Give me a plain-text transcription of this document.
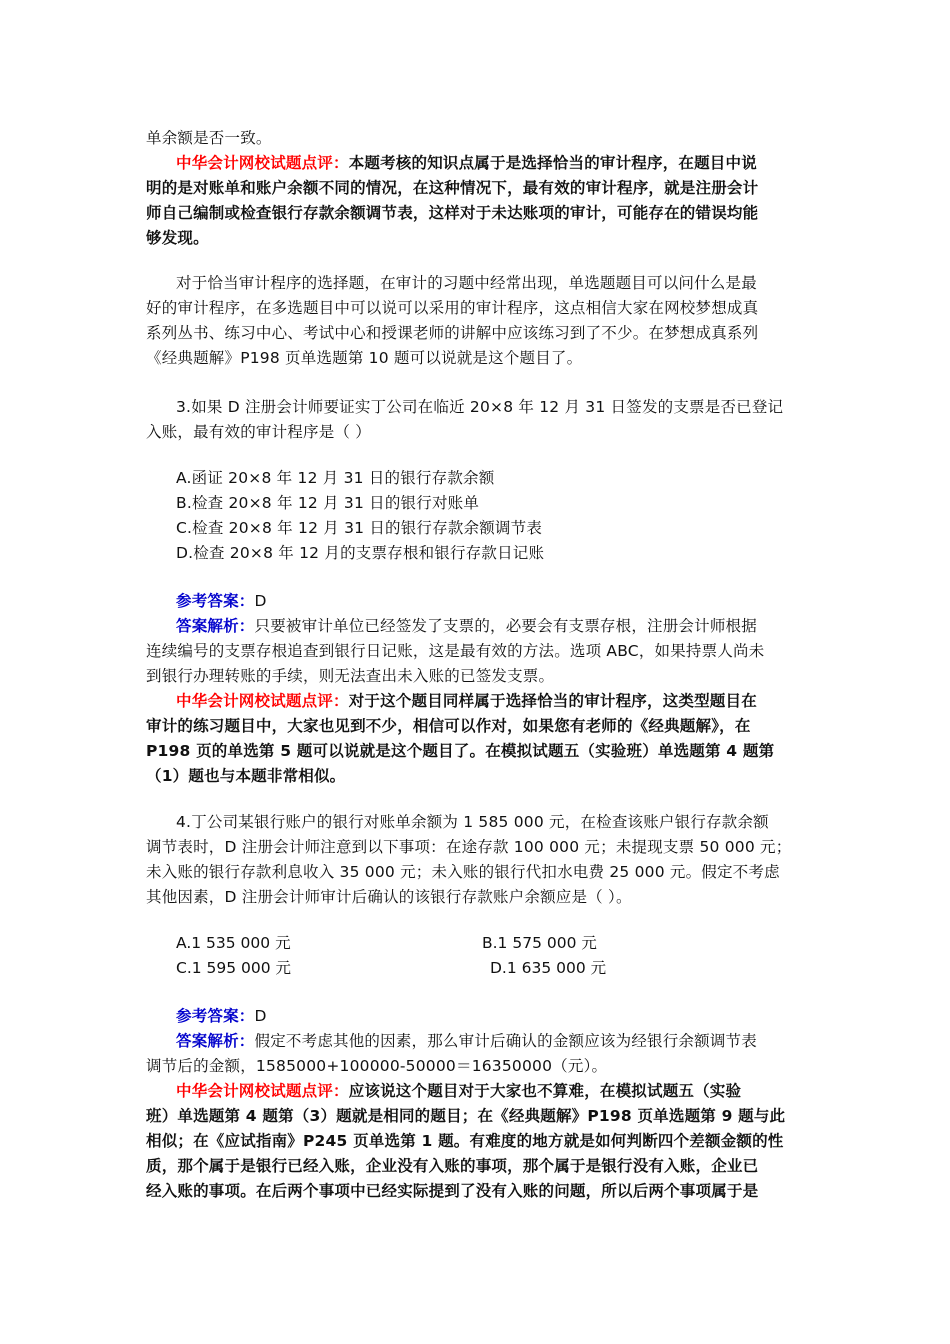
单余额是否一致。
中华会计网校试题点评：本题考核的知识点属于是选择恰当的审计程序，在题目中说
明的是对账单和账户余额不同的情况，在这种情况下，最有效的审计程序，就是注册会计
师自己编制或检查银行存款余额调节表，这样对于未达账项的审计，可能存在的错误均能
够发现。
对于恰当审计程序的选择题，在审计的习题中经常出现，单选题题目可以问什么是最
好的审计程序，在多选题目中可以说可以采用的审计程序，这点相信大家在网校梦想成真
系列丛书、练习中心、考试中心和授课老师的讲解中应该练习到了不少。在梦想成真系列
《经典题解》P198 页单选题第 10 题可以说就是这个题目了。
3.如果 D 注册会计师要证实丁公司在临近 20×8 年 12 月 31 日签发的支票是否已登记
入账，最有效的审计程序是（ ）
A.函证 20×8 年 12 月 31 日的银行存款余额
B.检查 20×8 年 12 月 31 日的银行对账单
C.检查 20×8 年 12 月 31 日的银行存款余额调节表
D.检查 20×8 年 12 月的支票存根和银行存款日记账
参考答案：D
答案解析：只要被审计单位已经签发了支票的，必要会有支票存根，注册会计师根据
连续编号的支票存根追查到银行日记账，这是最有效的方法。选项 ABC，如果持票人尚未
到银行办理转账的手续，则无法查出未入账的已签发支票。
中华会计网校试题点评：对于这个题目同样属于选择恰当的审计程序，这类型题目在
审计的练习题目中，大家也见到不少，相信可以作对，如果您有老师的《经典题解》，在
P198 页的单选第 5 题可以说就是这个题目了。在模拟试题五（实验班）单选题第 4 题第
（1）题也与本题非常相似。
4.丁公司某银行账户的银行对账单余额为 1 585 000 元，在检查该账户银行存款余额
调节表时，D 注册会计师注意到以下事项：在途存款 100 000 元；未提现支票 50 000 元；
未入账的银行存款利息收入 35 000 元；未入账的银行代扣水电费 25 000 元。假定不考虑
其他因素，D 注册会计师审计后确认的该银行存款账户余额应是（ ）。
A.1 535 000 元	B.1 575 000 元
C.1 595 000 元	D.1 635 000 元
参考答案：D
答案解析：假定不考虑其他的因素，那么审计后确认的金额应该为经银行余额调节表
调节后的金额，1585000+100000-50000＝16350000（元）。
中华会计网校试题点评：应该说这个题目对于大家也不算难，在模拟试题五（实验
班）单选题第 4 题第（3）题就是相同的题目；在《经典题解》P198 页单选题第 9 题与此
相似；在《应试指南》P245 页单选第 1 题。有难度的地方就是如何判断四个差额金额的性
质，那个属于是银行已经入账，企业没有入账的事项，那个属于是银行没有入账，企业已
经入账的事项。在后两个事项中已经实际提到了没有入账的问题，所以后两个事项属于是
